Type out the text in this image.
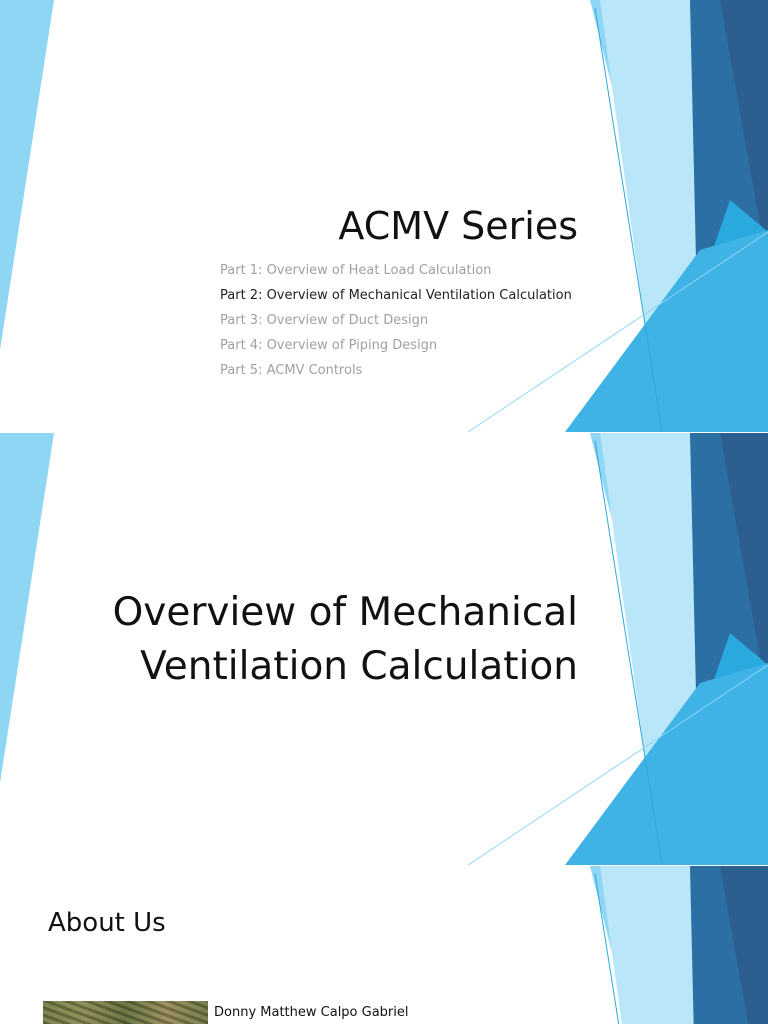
ACMV Series
Part 1: Overview of Heat Load Calculation
Part 2: Overview of Mechanical Ventilation Calculation
Part 3: Overview of Duct Design
Part 4: Overview of Piping Design
Part 5: ACMV Controls
Overview of Mechanical
Ventilation Calculation
About Us
Donny Matthew Calpo Gabriel
